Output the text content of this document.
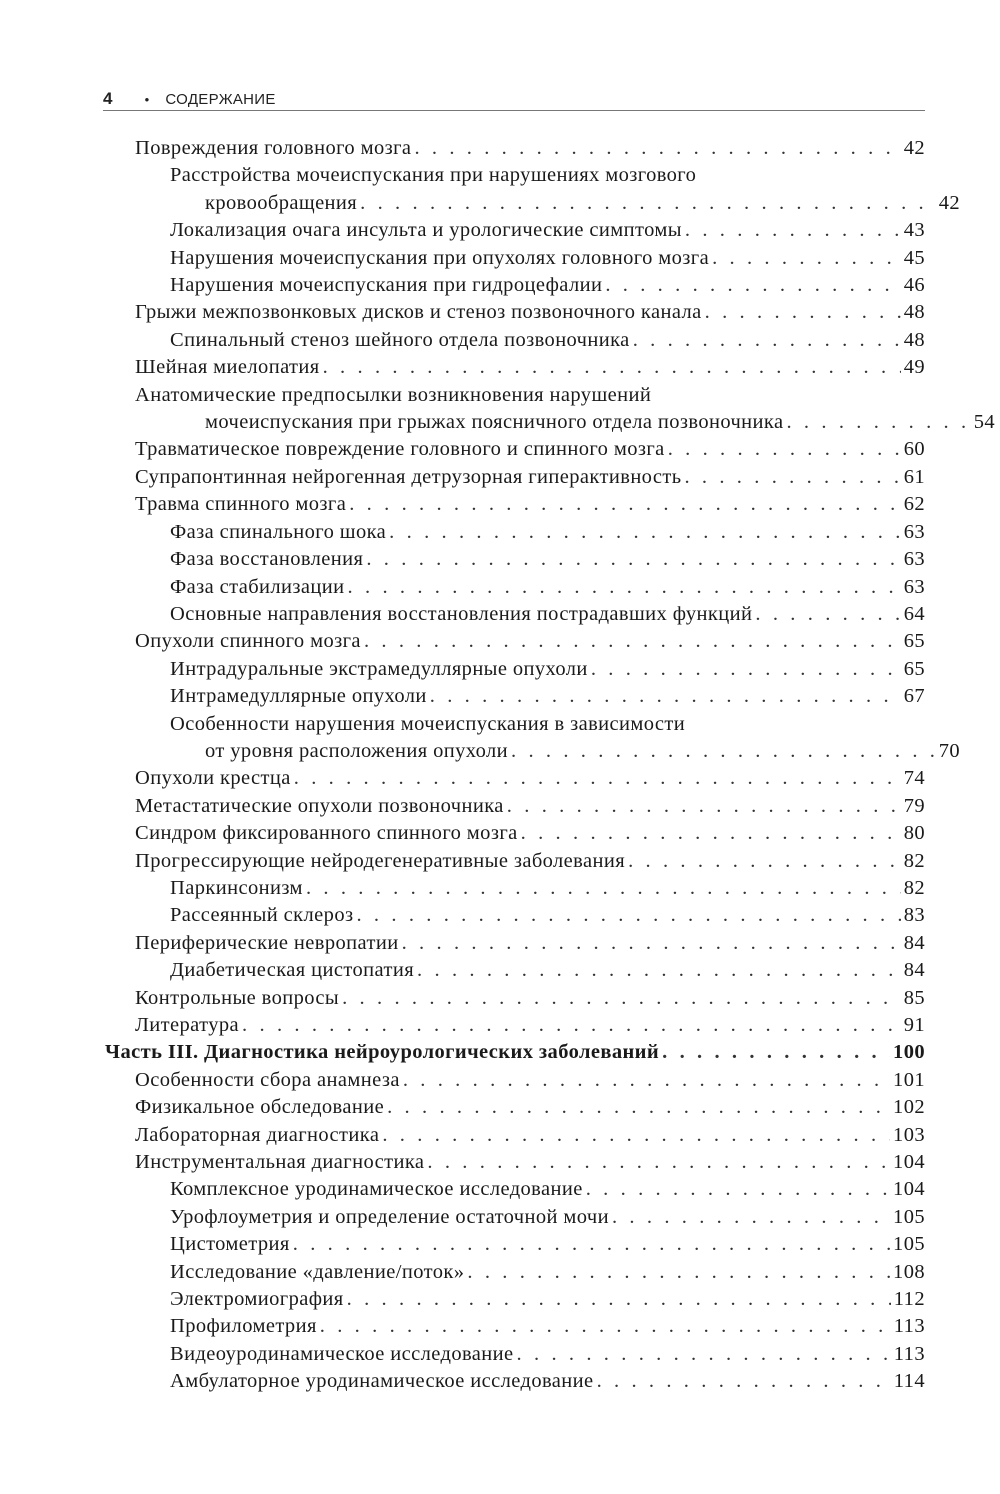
4 • СОДЕРЖАНИЕ
Повреждения головного мозга . . .	42
Расстройства мочеиспускания при нарушениях мозгового
кровообращения . . .	42
Локализация очага инсульта и урологические симптомы . . .	43
Нарушения мочеиспускания при опухолях головного мозга . . .	45
Нарушения мочеиспускания при гидроцефалии . . .	46
Грыжи межпозвонковых дисков и стеноз позвоночного канала . . .	48
Спинальный стеноз шейного отдела позвоночника . . .	48
Шейная миелопатия . . .	49
Анатомические предпосылки возникновения нарушений
мочеиспускания при грыжах поясничного отдела позвоночника . . .	54
Травматическое повреждение головного и спинного мозга . . .	60
Супрапонтинная нейрогенная детрузорная гиперактивность . . .	61
Травма спинного мозга . . .	62
Фаза спинального шока . . .	63
Фаза восстановления . . .	63
Фаза стабилизации . . .	63
Основные направления восстановления пострадавших функций . . .	64
Опухоли спинного мозга . . .	65
Интрадуральные экстрамедуллярные опухоли . . .	65
Интрамедуллярные опухоли . . .	67
Особенности нарушения мочеиспускания в зависимости
от уровня расположения опухоли . . .	70
Опухоли крестца . . .	74
Метастатические опухоли позвоночника . . .	79
Синдром фиксированного спинного мозга . . .	80
Прогрессирующие нейродегенеративные заболевания . . .	82
Паркинсонизм . . .	82
Рассеянный склероз . . .	83
Периферические невропатии . . .	84
Диабетическая цистопатия . . .	84
Контрольные вопросы . . .	85
Литература . . .	91
Часть III. Диагностика нейроурологических заболеваний . . .	100
Особенности сбора анамнеза . . .	101
Физикальное обследование . . .	102
Лабораторная диагностика . . .	103
Инструментальная диагностика . . .	104
Комплексное уродинамическое исследование . . .	104
Урофлоуметрия и определение остаточной мочи . . .	105
Цистометрия . . .	105
Исследование «давление/поток» . . .	108
Электромиография . . .	112
Профилометрия . . .	113
Видеоуродинамическое исследование . . .	113
Амбулаторное уродинамическое исследование . . .	114
